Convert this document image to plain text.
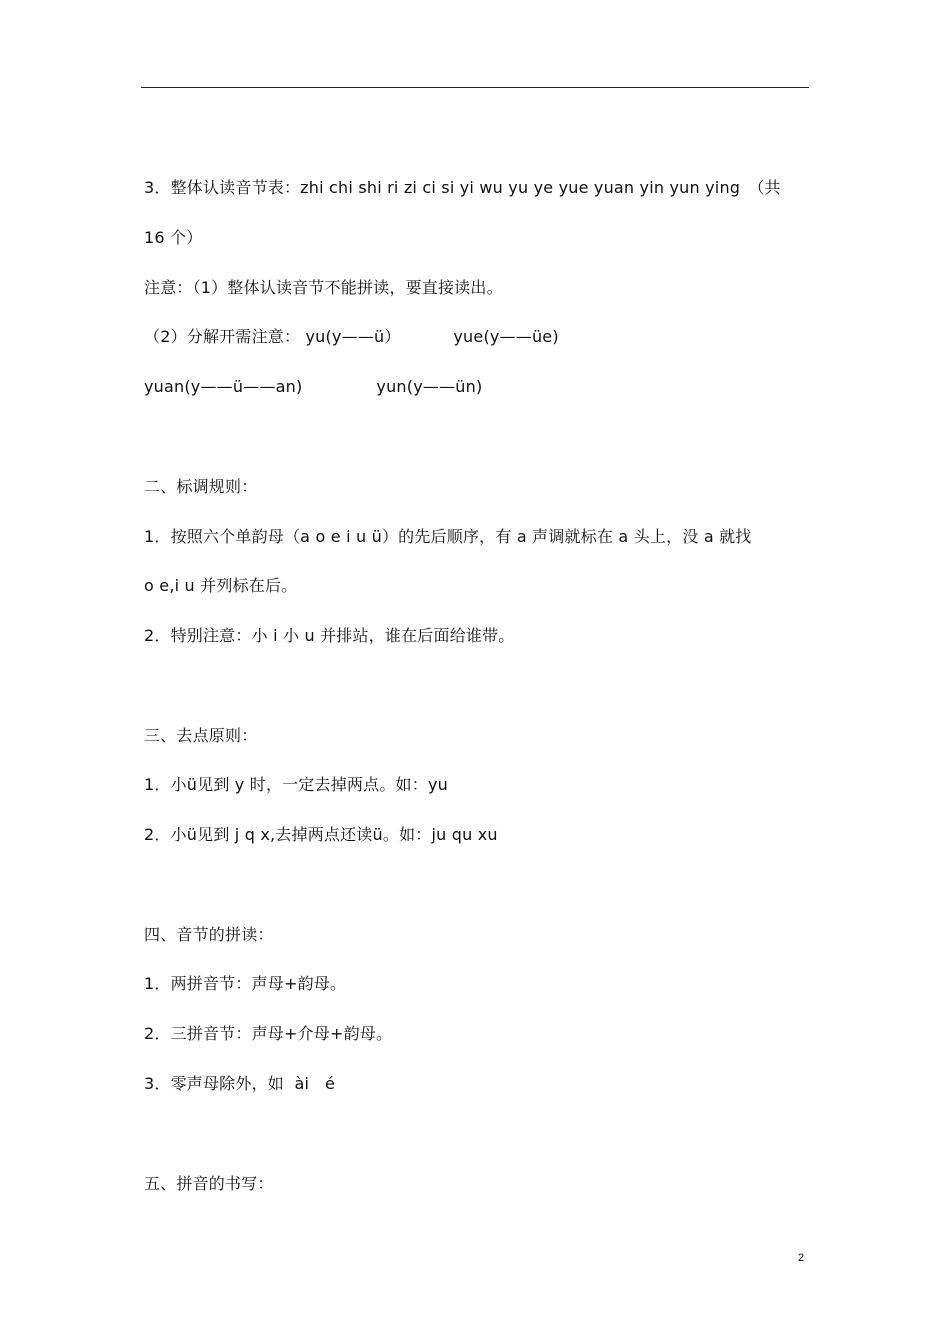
3．整体认读音节表：zhi chi shi ri zi ci si yi wu yu ye yue yuan yin yun ying　（共
16 个）
注意：（1）整体认读音节不能拼读，要直接读出。
（2）分解开需注意： yu(y——ü）          yue(y——üe)
yuan(y——ü——an)              yun(y——ün)
二、标调规则：
1．按照六个单韵母（a o e i u ü）的先后顺序，有 a 声调就标在 a 头上，没 a 就找
o e,i u 并列标在后。
2．特别注意：小 i 小 u 并排站，谁在后面给谁带。
三、去点原则：
1．小ü见到 y 时，一定去掉两点。如：yu
2．小ü见到 j q x,去掉两点还读ü。如：ju qu xu
四、音节的拼读：
1．两拼音节：声母+韵母。
2．三拼音节：声母+介母+韵母。
3．零声母除外，如  ài   é
五、拼音的书写：
2
